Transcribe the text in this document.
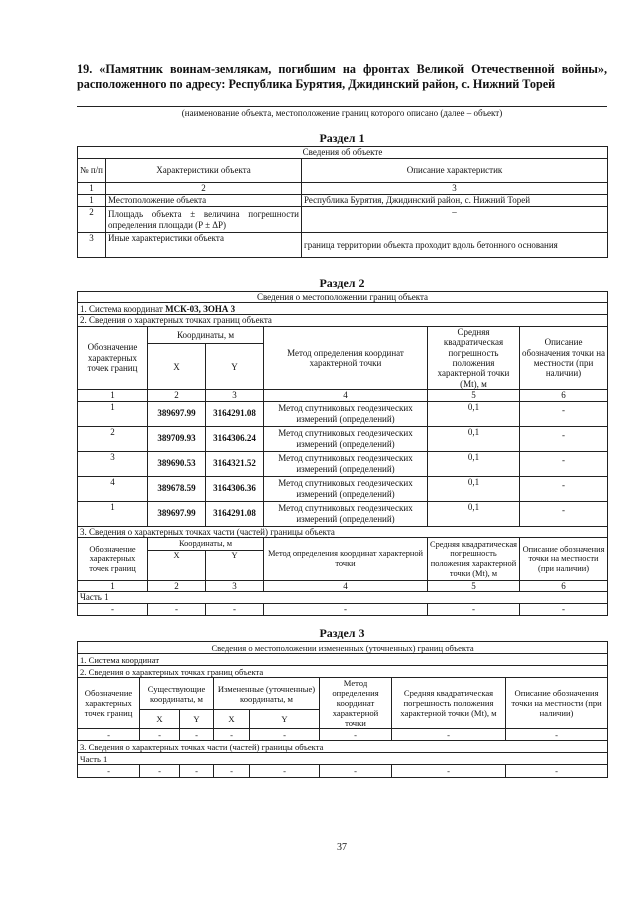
19. «Памятник воинам-землякам, погибшим на фронтах Великой Отечественной войны», расположенного по адресу: Республика Бурятия, Джидинский район, с. Нижний Торей
(наименование объекта, местоположение границ которого описано (далее – объект)
Раздел 1
Сведения об объекте		
№ п/п	Характеристики объекта	Описание характеристик
1	2	3
1	Местоположение объекта	Республика Бурятия, Джидинский район, с. Нижний Торей
2	Площадь объекта ± величина погрешности определения площади (P ± ΔP)	–
3	Иные характеристики объекта	граница территории объекта проходит вдоль бетонного основания
Раздел 2
Сведения о местоположении границ объекта					
1. Система координат МСК-03, ЗОНА 3					
2. Сведения о характерных точках границ объекта					
Обозначение характерных точек границ	Координаты, м		Метод определения координат характерной точки	Средняя квадратическая погрешность положения характерной точки (Mt), м	Описание обозначения точки на местности (при наличии)
	X	Y			
1	2	3	4	5	6
1	389697.99	3164291.08	Метод спутниковых геодезических измерений (определений)	0,1	-
2	389709.93	3164306.24	Метод спутниковых геодезических измерений (определений)	0,1	-
3	389690.53	3164321.52	Метод спутниковых геодезических измерений (определений)	0,1	-
4	389678.59	3164306.36	Метод спутниковых геодезических измерений (определений)	0,1	-
1	389697.99	3164291.08	Метод спутниковых геодезических измерений (определений)	0,1	-
3. Сведения о характерных точках части (частей) границы объекта					
Обозначение характерных точек границ	Координаты, м		Метод определения координат характерной точки	Средняя квадратическая погрешность положения характерной точки (Mt), м	Описание обозначения точки на местности (при наличии)
	X	Y			
1	2	3	4	5	6
Часть 1					
-	-	-	-	-	-
Раздел 3
Сведения о местоположении измененных (уточненных) границ объекта							
1. Система координат							
2. Сведения о характерных точках границ объекта							
Обозначение характерных точек границ	Существующие координаты, м		Измененные (уточненные) координаты, м		Метод определения координат характерной точки	Средняя квадратическая погрешность положения характерной точки (Mt), м	Описание обозначения точки на местности (при наличии)
	X	Y	X	Y			
-	-	-	-	-	-	-	-
3. Сведения о характерных точках части (частей) границы объекта							
Часть 1							
-	-	-	-	-	-	-	-
37
